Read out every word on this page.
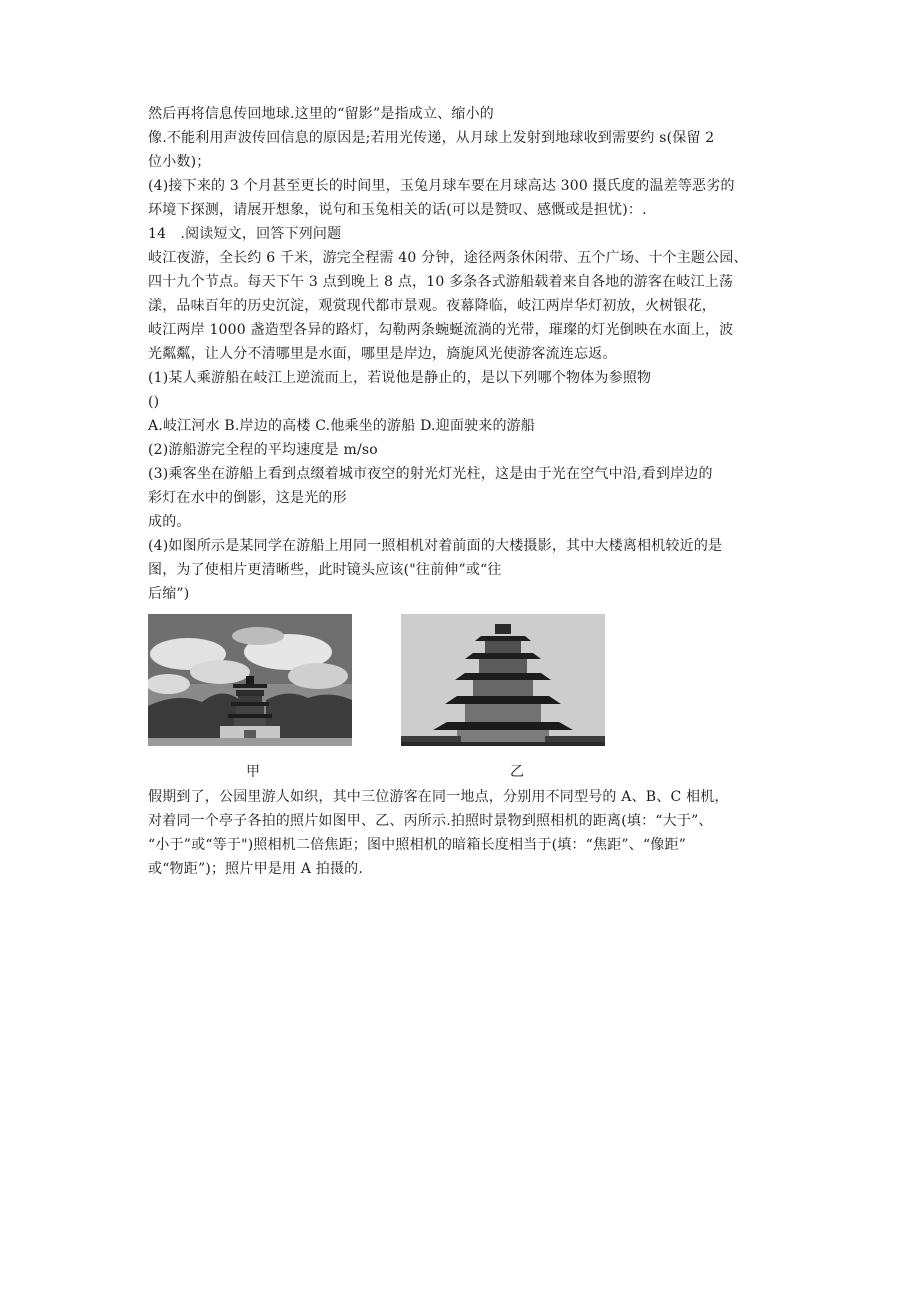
然后再将信息传回地球.这里的“留影”是指成立、缩小的
像.不能利用声波传回信息的原因是;若用光传递，从月球上发射到地球收到需要约 s(保留 2
位小数)；
(4)接下来的 3 个月甚至更长的时间里，玉兔月球车要在月球高达 300 摄氏度的温差等恶劣的
环境下探测，请展开想象，说句和玉兔相关的话(可以是赞叹、感慨或是担忧)：.
14　.阅读短文，回答下列问题
岐江夜游，全长约 6 千米，游完全程需 40 分钟，途径两条休闲带、五个广场、十个主题公园、
四十九个节点。每天下午 3 点到晚上 8 点，10 多条各式游船载着来自各地的游客在岐江上荡
漾，品味百年的历史沉淀，观赏现代都市景观。夜幕降临，岐江两岸华灯初放，火树银花，
岐江两岸 1000 盏造型各异的路灯，勾勒两条蜿蜒流淌的光带，璀璨的灯光倒映在水面上，波
光粼粼，让人分不清哪里是水面，哪里是岸边，旖旎风光使游客流连忘返。
(1)某人乘游船在岐江上逆流而上，若说他是静止的，是以下列哪个物体为参照物
()
A.岐江河水 B.岸边的高楼 C.他乘坐的游船 D.迎面驶来的游船
(2)游船游完全程的平均速度是 m/so
(3)乘客坐在游船上看到点缀着城市夜空的射光灯光柱，这是由于光在空气中沿,看到岸边的
彩灯在水中的倒影，这是光的形
成的。
(4)如图所示是某同学在游船上用同一照相机对着前面的大楼摄影，其中大楼离相机较近的是
图，为了使相片更清晰些，此时镜头应该("往前伸”或“往
后缩”)
甲	乙
假期到了，公园里游人如织，其中三位游客在同一地点，分别用不同型号的 A、B、C 相机，
对着同一个亭子各拍的照片如图甲、乙、丙所示.拍照时景物到照相机的距离(填：“大于”、
“小于”或“等于")照相机二倍焦距；图中照相机的暗箱长度相当于(填：“焦距”、“像距”
或“物距”)；照片甲是用 A 拍摄的.
